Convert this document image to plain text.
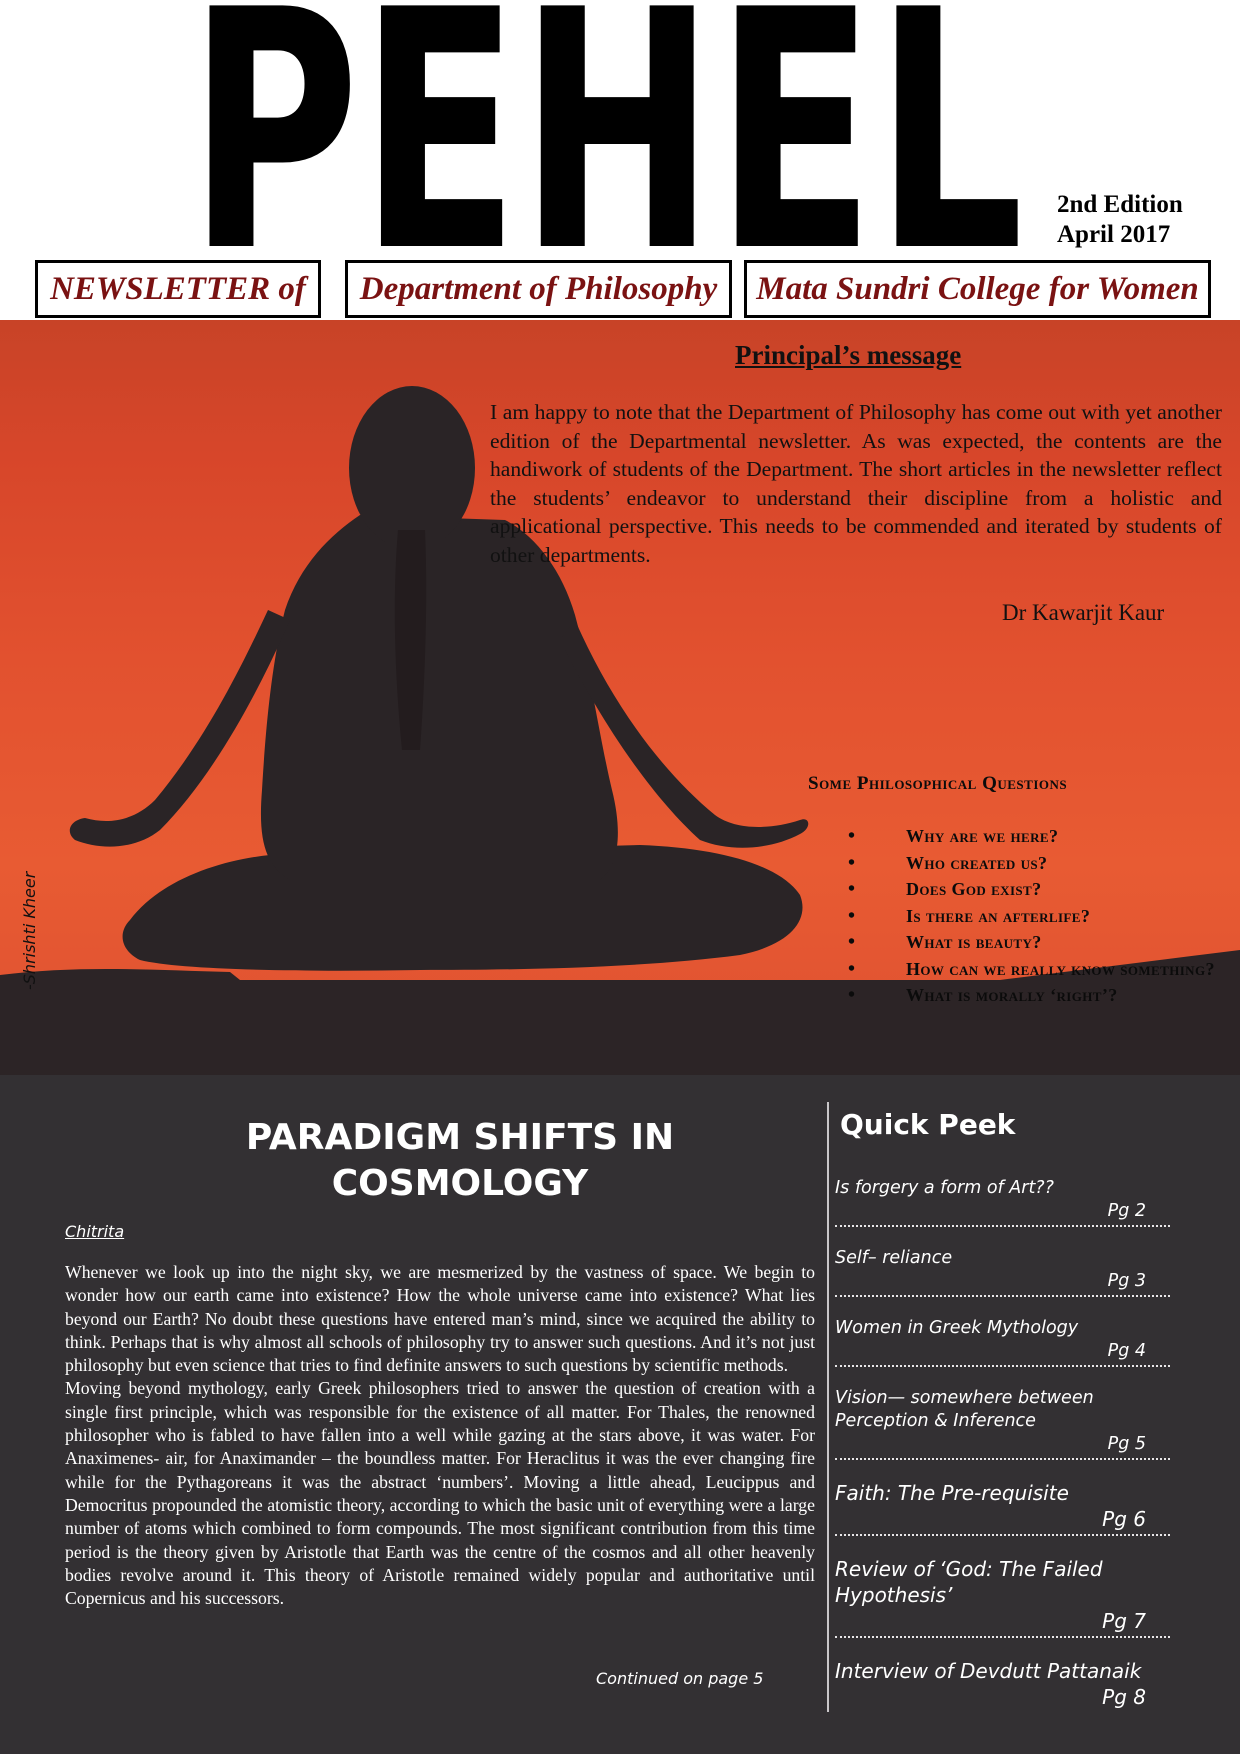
PEHEL 2nd Edition
April 2017
NEWSLETTER of	Department of Philosophy	Mata Sundri College for Women
Principal’s message
I am happy to note that the Department of Philosophy has come out with yet another edition of the Departmental newsletter. As was expected, the contents are the handiwork of students of the Department. The short articles in the newsletter reflect the students’ endeavor to understand their discipline from a holistic and applicational perspective. This needs to be commended and iterated by students of other departments.
Dr Kawarjit Kaur
Some Philosophical Questions
• Why are we here?
• Who created us?
• Does God exist?
• Is there an afterlife?
• What is beauty?
• How can we really know something?
• What is morally ‘right’?
-Shrishti Kheer
PARADIGM SHIFTS IN COSMOLOGY
Chitrita

Whenever we look up into the night sky, we are mesmerized by the vastness of space. We begin to wonder how our earth came into existence? How the whole universe came into existence? What lies beyond our Earth? No doubt these questions have entered man’s mind, since we acquired the ability to think. Perhaps that is why almost all schools of philosophy try to answer such questions. And it’s not just philosophy but even science that tries to find definite answers to such questions by scientific methods.

Moving beyond mythology, early Greek philosophers tried to answer the question of creation with a single first principle, which was responsible for the existence of all matter. For Thales, the renowned philosopher who is fabled to have fallen into a well while gazing at the stars above, it was water. For Anaximenes- air, for Anaximander – the boundless matter. For Heraclitus it was the ever changing fire while for the Pythagoreans it was the abstract ‘numbers’. Moving a little ahead, Leucippus and Democritus propounded the atomistic theory, according to which the basic unit of everything were a large number of atoms which combined to form compounds. The most significant contribution from this time period is the theory given by Aristotle that Earth was the centre of the cosmos and all other heavenly bodies revolve around it. This theory of Aristotle remained widely popular and authoritative until Copernicus and his successors.

Continued on page 5
Quick Peek
Is forgery a form of Art??
Pg 2
Self– reliance
Pg 3
Women in Greek Mythology
Pg 4
Vision— somewhere between Perception & Inference
Pg 5
Faith: The Pre-requisite
Pg 6
Review of ‘God: The Failed Hypothesis’
Pg 7
Interview of Devdutt Pattanaik
Pg 8
